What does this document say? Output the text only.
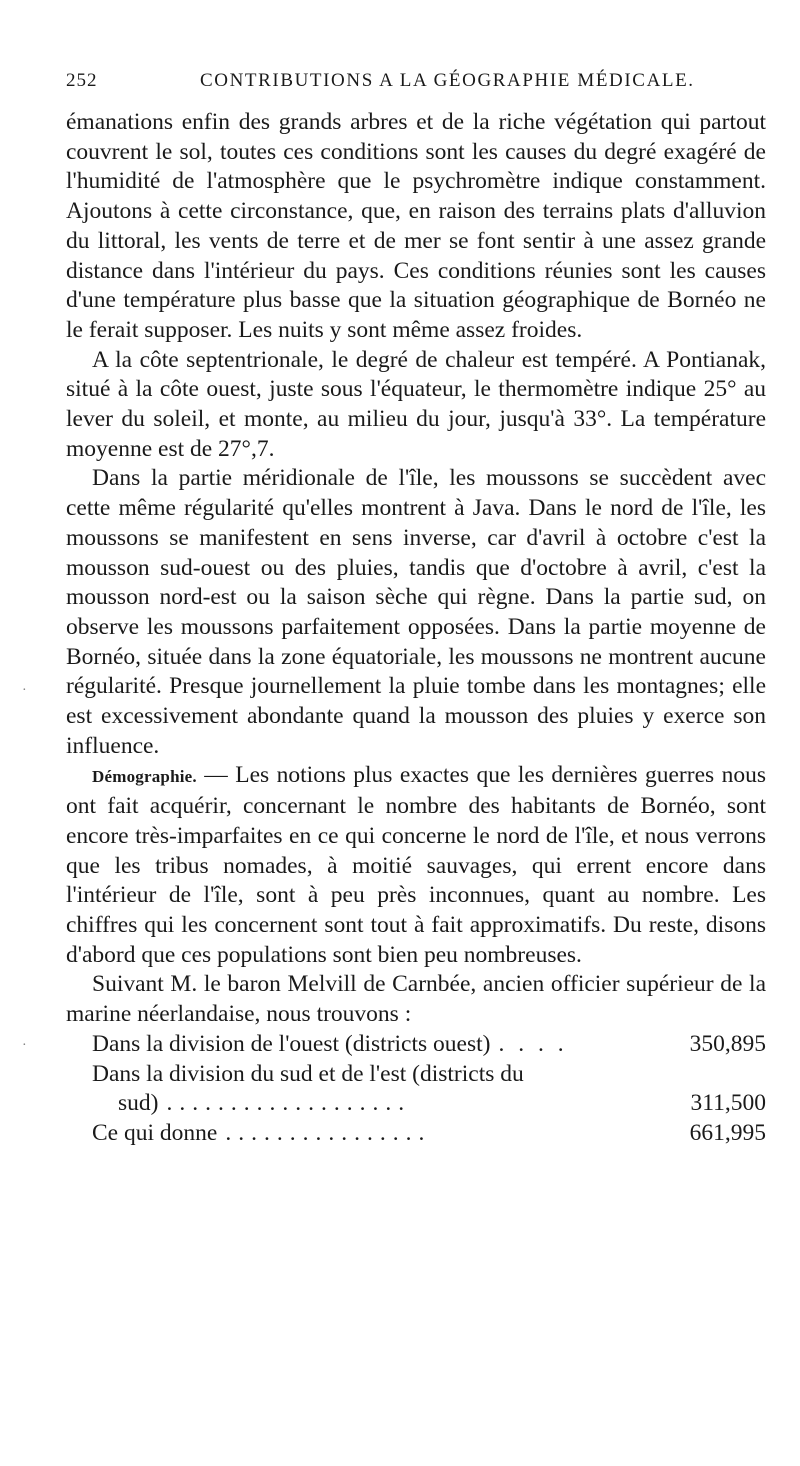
252	CONTRIBUTIONS A LA GÉOGRAPHIE MÉDICALE.
·
·

émanations enfin des grands arbres et de la riche végétation qui partout couvrent le sol, toutes ces conditions sont les causes du degré exagéré de l'humidité de l'atmosphère que le psychromètre indique constamment. Ajoutons à cette circonstance, que, en raison des terrains plats d'alluvion du littoral, les vents de terre et de mer se font sentir à une assez grande distance dans l'intérieur du pays. Ces conditions réunies sont les causes d'une température plus basse que la situation géographique de Bornéo ne le ferait supposer. Les nuits y sont même assez froides.

A la côte septentrionale, le degré de chaleur est tempéré. A Pontianak, situé à la côte ouest, juste sous l'équateur, le thermomètre indique 25° au lever du soleil, et monte, au milieu du jour, jusqu'à 33°. La température moyenne est de 27°,7.

Dans la partie méridionale de l'île, les moussons se succèdent avec cette même régularité qu'elles montrent à Java. Dans le nord de l'île, les moussons se manifestent en sens inverse, car d'avril à octobre c'est la mousson sud-ouest ou des pluies, tandis que d'octobre à avril, c'est la mousson nord-est ou la saison sèche qui règne. Dans la partie sud, on observe les moussons parfaitement opposées. Dans la partie moyenne de Bornéo, située dans la zone équatoriale, les moussons ne montrent aucune régularité. Presque journellement la pluie tombe dans les montagnes; elle est excessivement abondante quand la mousson des pluies y exerce son influence.

Démographie. — Les notions plus exactes que les dernières guerres nous ont fait acquérir, concernant le nombre des habitants de Bornéo, sont encore très-imparfaites en ce qui concerne le nord de l'île, et nous verrons que les tribus nomades, à moitié sauvages, qui errent encore dans l'intérieur de l'île, sont à peu près inconnues, quant au nombre. Les chiffres qui les concernent sont tout à fait approximatifs. Du reste, disons d'abord que ces populations sont bien peu nombreuses.

Suivant M. le baron Melvill de Carnbée, ancien officier supérieur de la marine néerlandaise, nous trouvons :

Dans la division de l'ouest (districts ouest) . . . .	350,895
Dans la division du sud et de l'est (districts du
sud) ...................	311,500
Ce qui donne ................	661,995
